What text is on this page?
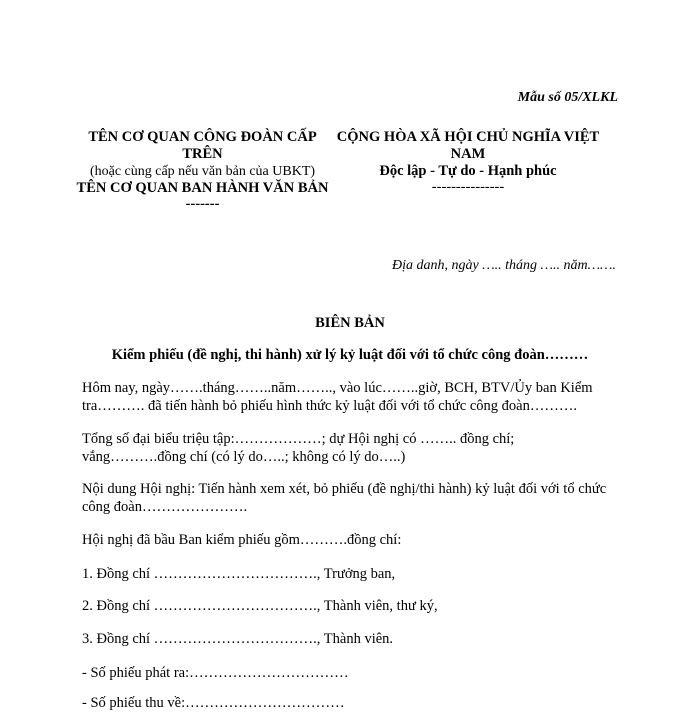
Mẫu số 05/XLKL
TÊN CƠ QUAN CÔNG ĐOÀN CẤP TRÊN
(hoặc cùng cấp nếu văn bản của UBKT)
TÊN CƠ QUAN BAN HÀNH VĂN BẢN
-------
CỘNG HÒA XÃ HỘI CHỦ NGHĨA VIỆT NAM
Độc lập - Tự do - Hạnh phúc
---------------
Địa danh, ngày ….. tháng ….. năm…….
BIÊN BẢN
Kiểm phiếu (đề nghị, thi hành) xử lý kỷ luật đối với tổ chức công đoàn………
Hôm nay, ngày…….tháng……..năm…….., vào lúc……..giờ, BCH, BTV/Ủy ban Kiểm tra………. đã tiến hành bỏ phiếu hình thức kỷ luật đối với tổ chức công đoàn……….
Tổng số đại biểu triệu tập:………………; dự Hội nghị có …….. đồng chí; vắng……….đồng chí (có lý do…..; không có lý do…..)
Nội dung Hội nghị: Tiến hành xem xét, bỏ phiếu (đề nghị/thi hành) kỷ luật đối với tổ chức công đoàn………………….
Hội nghị đã bầu Ban kiểm phiếu gồm……….đồng chí:
1. Đồng chí ……………………………., Trưởng ban,
2. Đồng chí ……………………………., Thành viên, thư ký,
3. Đồng chí ……………………………., Thành viên.
- Số phiếu phát ra:……………………………
- Số phiếu thu về:……………………………
